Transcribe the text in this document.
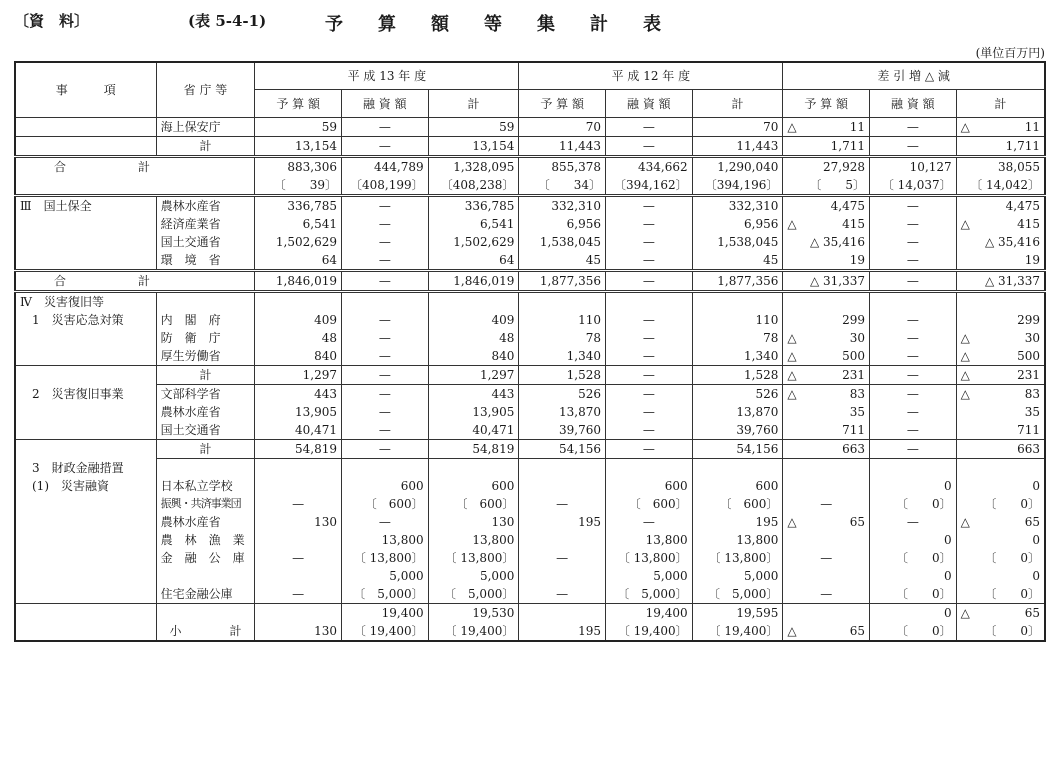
〔資　料〕	(表 5-4-1)	予算額等集計表
(単位百万円)
事　　　項	省 庁 等	平 成 13 年 度			平 成 12 年 度			差 引 増 △ 減		
		予 算 額	融 資 額	計	予 算 額	融 資 額	計	予 算 額	融 資 額	計
	海上保安庁	59	—	59	70	—	70	△ 11	—	△ 11
	計	13,154	—	13,154	11,443	—	11,443	1,711	—	1,711
合　　　　　　計		883,306	444,789	1,328,095	855,378	434,662	1,290,040	27,928	10,127	38,055
		〔　　39〕	〔408,199〕	〔408,238〕	〔　　34〕	〔394,162〕	〔394,196〕	〔　　5〕	〔 14,037〕	〔 14,042〕
Ⅲ　国土保全	農林水産省	336,785	—	336,785	332,310	—	332,310	4,475	—	4,475
	経済産業省	6,541	—	6,541	6,956	—	6,956	△ 415	—	△ 415
	国土交通省	1,502,629	—	1,502,629	1,538,045	—	1,538,045	△ 35,416	—	△ 35,416
	環　境　省	64	—	64	45	—	45	19	—	19
合　　　　　　計		1,846,019	—	1,846,019	1,877,356	—	1,877,356	△ 31,337	—	△ 31,337
Ⅳ　災害復旧等										
　1　災害応急対策	内　閣　府	409	—	409	110	—	110	299	—	299
	防　衛　庁	48	—	48	78	—	78	△ 30	—	△ 30
	厚生労働省	840	—	840	1,340	—	1,340	△ 500	—	△ 500
	計	1,297	—	1,297	1,528	—	1,528	△ 231	—	△ 231
　2　災害復旧事業	文部科学省	443	—	443	526	—	526	△ 83	—	△ 83
	農林水産省	13,905	—	13,905	13,870	—	13,870	35	—	35
	国土交通省	40,471	—	40,471	39,760	—	39,760	711	—	711
	計	54,819	—	54,819	54,156	—	54,156	663	—	663
　3　財政金融措置										
　(1)　災害融資	日本私立学校		600	600		600	600		0	0
	振興・共済事業団	—	〔　600〕	〔　600〕	—	〔　600〕	〔　600〕	—	〔　　0〕	〔　　0〕
	農林水産省	130	—	130	195	—	195	△ 65	—	△ 65
	農　林　漁　業		13,800	13,800		13,800	13,800		0	0
	金　融　公　庫	—	〔 13,800〕	〔 13,800〕	—	〔 13,800〕	〔 13,800〕	—	〔　　0〕	〔　　0〕
			5,000	5,000		5,000	5,000		0	0
	住宅金融公庫	—	〔　5,000〕	〔　5,000〕	—	〔　5,000〕	〔　5,000〕	—	〔　　0〕	〔　　0〕
			19,400	19,530		19,400	19,595		0	△ 65
	小　　　　計	130	〔 19,400〕	〔 19,400〕	195	〔 19,400〕	〔 19,400〕	△ 65	〔　　0〕	〔　　0〕
